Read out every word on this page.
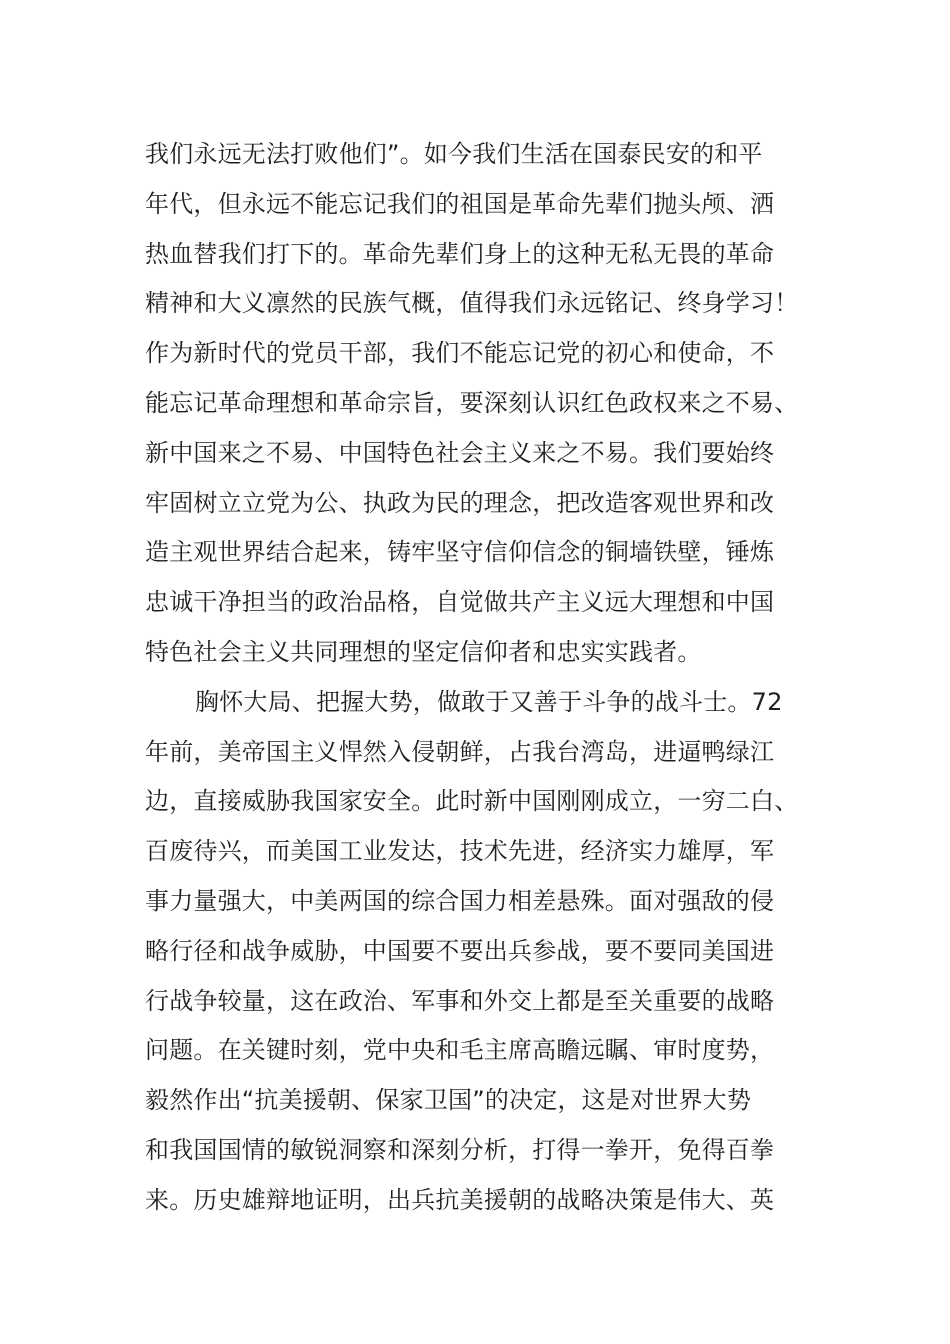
我们永远无法打败他们”。如今我们生活在国泰民安的和平
年代，但永远不能忘记我们的祖国是革命先辈们抛头颅、洒
热血替我们打下的。革命先辈们身上的这种无私无畏的革命
精神和大义凛然的民族气概，值得我们永远铭记、终身学习！
作为新时代的党员干部，我们不能忘记党的初心和使命，不
能忘记革命理想和革命宗旨，要深刻认识红色政权来之不易、
新中国来之不易、中国特色社会主义来之不易。我们要始终
牢固树立立党为公、执政为民的理念，把改造客观世界和改
造主观世界结合起来，铸牢坚守信仰信念的铜墙铁壁，锤炼
忠诚干净担当的政治品格，自觉做共产主义远大理想和中国
特色社会主义共同理想的坚定信仰者和忠实实践者。
胸怀大局、把握大势，做敢于又善于斗争的战斗士。72
年前，美帝国主义悍然入侵朝鲜，占我台湾岛，进逼鸭绿江
边，直接威胁我国家安全。此时新中国刚刚成立，一穷二白、
百废待兴，而美国工业发达，技术先进，经济实力雄厚，军
事力量强大，中美两国的综合国力相差悬殊。面对强敌的侵
略行径和战争威胁，中国要不要出兵参战，要不要同美国进
行战争较量，这在政治、军事和外交上都是至关重要的战略
问题。在关键时刻，党中央和毛主席高瞻远瞩、审时度势，
毅然作出“抗美援朝、保家卫国”的决定，这是对世界大势
和我国国情的敏锐洞察和深刻分析，打得一拳开，免得百拳
来。历史雄辩地证明，出兵抗美援朝的战略决策是伟大、英
